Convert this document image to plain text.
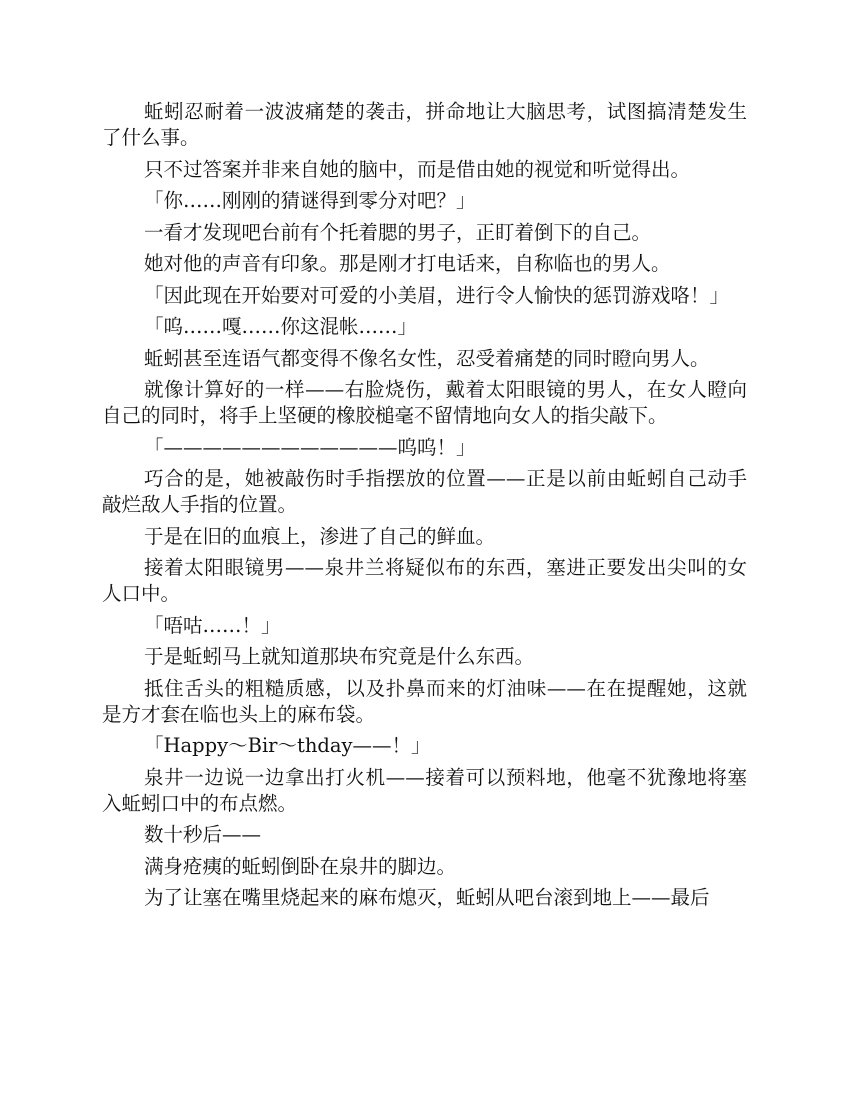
蚯蚓忍耐着一波波痛楚的袭击，拼命地让大脑思考，试图搞清楚发生了什么事。

只不过答案并非来自她的脑中，而是借由她的视觉和听觉得出。

「你……刚刚的猜谜得到零分对吧？」

一看才发现吧台前有个托着腮的男子，正盯着倒下的自己。

她对他的声音有印象。那是刚才打电话来，自称临也的男人。

「因此现在开始要对可爱的小美眉，进行令人愉快的惩罚游戏咯！」

「呜……嘎……你这混帐……」

蚯蚓甚至连语气都变得不像名女性，忍受着痛楚的同时瞪向男人。

就像计算好的一样——右脸烧伤，戴着太阳眼镜的男人，在女人瞪向自己的同时，将手上坚硬的橡胶槌毫不留情地向女人的指尖敲下。

「————————————呜呜！」

巧合的是，她被敲伤时手指摆放的位置——正是以前由蚯蚓自己动手敲烂敌人手指的位置。

于是在旧的血痕上，渗进了自己的鲜血。

接着太阳眼镜男——泉井兰将疑似布的东西，塞进正要发出尖叫的女人口中。

「唔咕……！」

于是蚯蚓马上就知道那块布究竟是什么东西。

抵住舌头的粗糙质感，以及扑鼻而来的灯油味——在在提醒她，这就是方才套在临也头上的麻布袋。

「Happy～Bir～thday——！」

泉井一边说一边拿出打火机——接着可以预料地，他毫不犹豫地将塞入蚯蚓口中的布点燃。

数十秒后——

满身疮痍的蚯蚓倒卧在泉井的脚边。

为了让塞在嘴里烧起来的麻布熄灭，蚯蚓从吧台滚到地上——最后
